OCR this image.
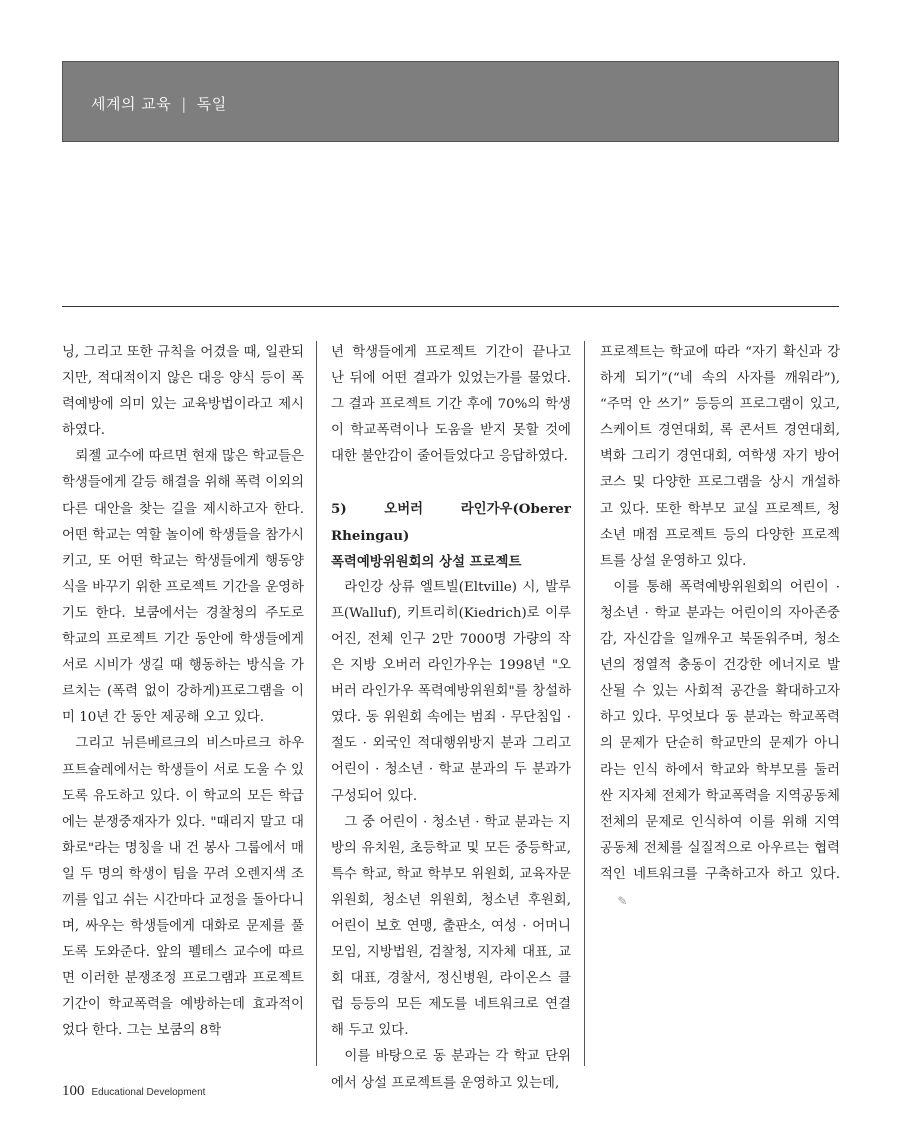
세계의 교육 | 독일

닝, 그리고 또한 규칙을 어겼을 때, 일관되지만, 적대적이지 않은 대응 양식 등이 폭력예방에 의미 있는 교육방법이라고 제시하였다.

뢰젤 교수에 따르면 현재 많은 학교들은 학생들에게 갈등 해결을 위해 폭력 이외의 다른 대안을 찾는 길을 제시하고자 한다. 어떤 학교는 역할 놀이에 학생들을 참가시키고, 또 어떤 학교는 학생들에게 행동양식을 바꾸기 위한 프로젝트 기간을 운영하기도 한다. 보쿰에서는 경찰청의 주도로 학교의 프로젝트 기간 동안에 학생들에게 서로 시비가 생길 때 행동하는 방식을 가르치는 (폭력 없이 강하게)프로그램을 이미 10년 간 동안 제공해 오고 있다.

그리고 뉘른베르크의 비스마르크 하우프트슐레에서는 학생들이 서로 도울 수 있도록 유도하고 있다. 이 학교의 모든 학급에는 분쟁중재자가 있다. "때리지 말고 대화로"라는 명칭을 내 건 봉사 그룹에서 매일 두 명의 학생이 팀을 꾸려 오렌지색 조끼를 입고 쉬는 시간마다 교정을 돌아다니며, 싸우는 학생들에게 대화로 문제를 풀도록 도와준다. 앞의 펠테스 교수에 따르면 이러한 분쟁조정 프로그램과 프로젝트 기간이 학교폭력을 예방하는데 효과적이었다 한다. 그는 보쿰의 8학

년 학생들에게 프로젝트 기간이 끝나고 난 뒤에 어떤 결과가 있었는가를 물었다. 그 결과 프로젝트 기간 후에 70%의 학생이 학교폭력이나 도움을 받지 못할 것에 대한 불안감이 줄어들었다고 응답하였다.

5) 오버러 라인가우(Oberer Rheingau)

폭력예방위원회의 상설 프로젝트

라인강 상류 엘트빌(Eltville) 시, 발루프(Walluf), 키트리히(Kiedrich)로 이루어진, 전체 인구 2만 7000명 가량의 작은 지방 오버러 라인가우는 1998년 "오버러 라인가우 폭력예방위원회"를 창설하였다. 동 위원회 속에는 범죄 · 무단침입 · 절도 · 외국인 적대행위방지 분과 그리고 어린이 · 청소년 · 학교 분과의 두 분과가 구성되어 있다.

그 중 어린이 · 청소년 · 학교 분과는 지방의 유치원, 초등학교 및 모든 중등학교, 특수 학교, 학교 학부모 위원회, 교육자문 위원회, 청소년 위원회, 청소년 후원회, 어린이 보호 연맹, 출판소, 여성 · 어머니 모임, 지방법원, 검찰청, 지자체 대표, 교회 대표, 경찰서, 정신병원, 라이온스 클럽 등등의 모든 제도를 네트워크로 연결해 두고 있다.

이를 바탕으로 동 분과는 각 학교 단위에서 상설 프로젝트를 운영하고 있는데,

프로젝트는 학교에 따라 “자기 확신과 강하게 되기”(“네 속의 사자를 깨워라”), “주먹 안 쓰기” 등등의 프로그램이 있고, 스케이트 경연대회, 록 콘서트 경연대회, 벽화 그리기 경연대회, 여학생 자기 방어 코스 및 다양한 프로그램을 상시 개설하고 있다. 또한 학부모 교실 프로젝트, 청소년 매점 프로젝트 등의 다양한 프로젝트를 상설 운영하고 있다.

이를 통해 폭력예방위원회의 어린이 · 청소년 · 학교 분과는 어린이의 자아존중감, 자신감을 일깨우고 북돋워주며, 청소년의 정열적 충동이 건강한 에너지로 발산될 수 있는 사회적 공간을 확대하고자 하고 있다. 무엇보다 동 분과는 학교폭력의 문제가 단순히 학교만의 문제가 아니라는 인식 하에서 학교와 학부모를 둘러싼 지자체 전체가 학교폭력을 지역공동체 전체의 문제로 인식하여 이를 위해 지역공동체 전체를 실질적으로 아우르는 협력적인 네트워크를 구축하고자 하고 있다.✎

100 Educational Development
